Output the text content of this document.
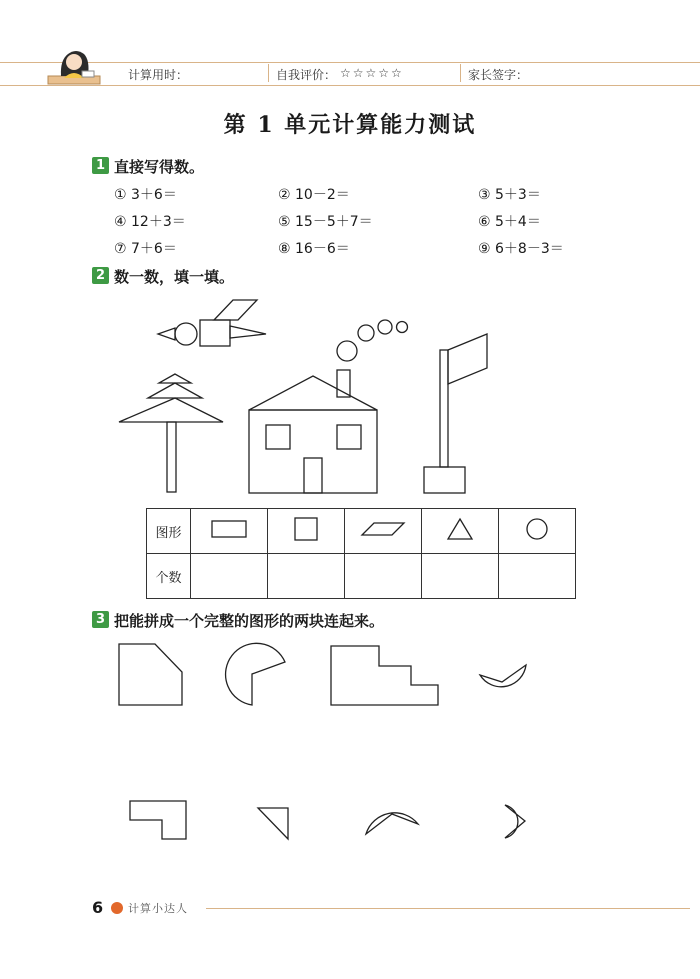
计算用时：	自我评价： ☆☆☆☆☆	家长签字：
第 1 单元计算能力测试
1 直接写得数。
① 3＋6＝	② 10－2＝	③ 5＋3＝
④ 12＋3＝	⑤ 15－5＋7＝	⑥ 5＋4＝
⑦ 7＋6＝	⑧ 16－6＝	⑨ 6＋8－3＝
2 数一数，填一填。
图形					
个数					
3 把能拼成一个完整的图形的两块连起来。
6 计算小达人
